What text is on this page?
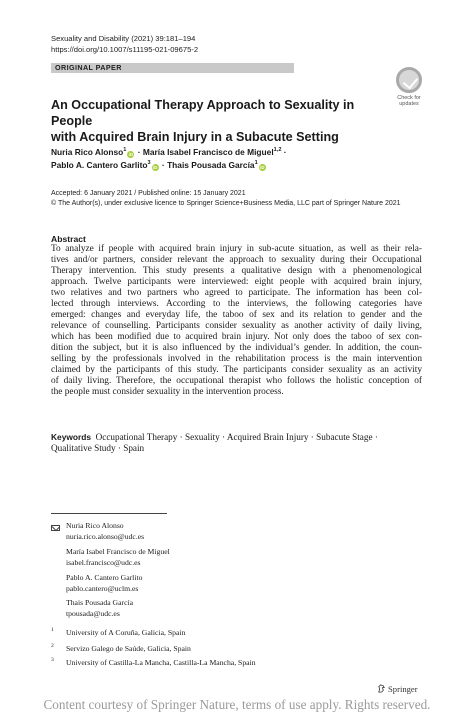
Sexuality and Disability (2021) 39:181–194
https://doi.org/10.1007/s11195-021-09675-2
ORIGINAL PAPER
Check for
updates
An Occupational Therapy Approach to Sexuality in People
with Acquired Brain Injury in a Subacute Setting
Nuria Rico Alonso$^1$iD · María Isabel Francisco de Miguel$^{1,2}$ ·
Pablo A. Cantero Garlito$^3$iD · Thais Pousada García$^1$iD
Accepted: 6 January 2021 / Published online: 15 January 2021
© The Author(s), under exclusive licence to Springer Science+Business Media, LLC part of Springer Nature 2021
Abstract
To analyze if people with acquired brain injury in sub-acute situation, as well as their rela-
tives and/or partners, consider relevant the approach to sexuality during their Occupational
Therapy intervention. This study presents a qualitative design with a phenomenological
approach. Twelve participants were interviewed: eight people with acquired brain injury,
two relatives and two partners who agreed to participate. The information has been col-
lected through interviews. According to the interviews, the following categories have
emerged: changes and everyday life, the taboo of sex and its relation to gender and the
relevance of counselling. Participants consider sexuality as another activity of daily living,
which has been modified due to acquired brain injury. Not only does the taboo of sex con-
dition the subject, but it is also influenced by the individual’s gender. In addition, the coun-
selling by the professionals involved in the rehabilitation process is the main intervention
claimed by the participants of this study. The participants consider sexuality as an activity
of daily living. Therefore, the occupational therapist who follows the holistic conception of
the people must consider sexuality in the intervention process.
Keywords Occupational Therapy · Sexuality · Acquired Brain Injury · Subacute Stage ·
Qualitative Study · Spain
Nuria Rico Alonso
nuria.rico.alonso@udc.es
María Isabel Francisco de Miguel
isabel.francisco@udc.es
Pablo A. Cantero Garlito
pablo.cantero@uclm.es
Thais Pousada García
tpousada@udc.es
1 University of A Coruña, Galicia, Spain
2 Servizo Galego de Saúde, Galicia, Spain
3 University of Castilla-La Mancha, Castilla-La Mancha, Spain
Springer
Content courtesy of Springer Nature, terms of use apply. Rights reserved.
